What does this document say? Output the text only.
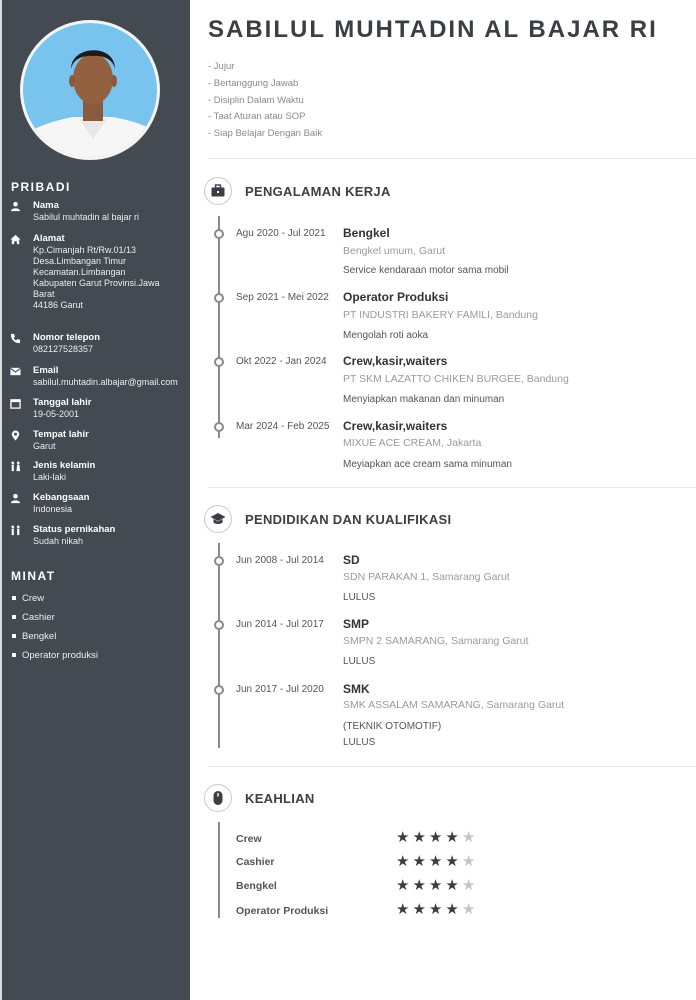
PRIBADI
Nama
Sabilul muhtadin al bajar ri
Alamat
Kp.Cimanjah Rt/Rw.01/13
Desa.Limbangan Timur
Kecamatan.Limbangan
Kabupaten Garut Provinsi.Jawa
Barat
44186 Garut
Nomor telepon
082127528357
Email
sabilul.muhtadin.albajar@gmail.com
Tanggal lahir
19-05-2001
Tempat lahir
Garut
Jenis kelamin
Laki-laki
Kebangsaan
Indonesia
Status pernikahan
Sudah nikah
MINAT
Crew
Cashier
Bengkel
Operator produksi
SABILUL MUHTADIN AL BAJAR RI
- Jujur
- Bertanggung Jawab
- Disiplin Dalam Waktu
- Taat Aturan atau SOP
- Siap Belajar Dengan Baik
PENGALAMAN KERJA
Agu 2020 - Jul 2021 Bengkel
Bengkel umum, Garut
Service kendaraan motor sama mobil
Sep 2021 - Mei 2022 Operator Produksi
PT INDUSTRI BAKERY FAMILI, Bandung
Mengolah roti aoka
Okt 2022 - Jan 2024 Crew,kasir,waiters
PT SKM LAZATTO CHIKEN BURGEE, Bandung
Menyiapkan makanan dan minuman
Mar 2024 - Feb 2025 Crew,kasir,waiters
MIXUE ACE CREAM, Jakarta
Meyiapkan ace cream sama minuman
PENDIDIKAN DAN KUALIFIKASI
Jun 2008 - Jul 2014 SD
SDN PARAKAN 1, Samarang Garut
LULUS
Jun 2014 - Jul 2017 SMP
SMPN 2 SAMARANG, Samarang Garut
LULUS
Jun 2017 - Jul 2020 SMK
SMK ASSALAM SAMARANG, Samarang Garut
(TEKNIK OTOMOTIF)
LULUS
KEAHLIAN
Crew	★★★★★
Cashier	★★★★★
Bengkel	★★★★★
Operator Produksi	★★★★★
